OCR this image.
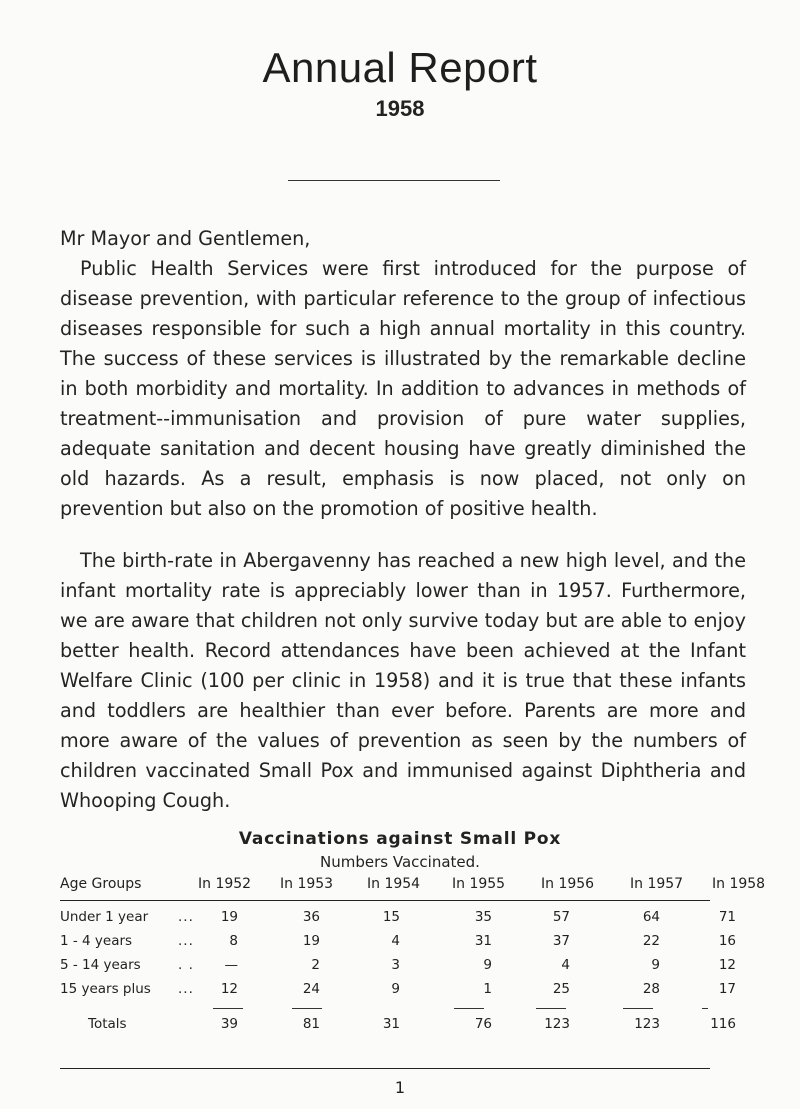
Annual Report
1958

Mr Mayor and Gentlemen,

Public Health Services were first introduced for the purpose of disease prevention, with particular reference to the group of infectious diseases responsible for such a high annual mortality in this country. The success of these services is illustrated by the remarkable decline in both morbidity and mortality. In addition to advances in methods of treatment--immunisation and provision of pure water supplies, adequate sanitation and decent housing have greatly diminished the old hazards. As a result, emphasis is now placed, not only on prevention but also on the promotion of positive health.

The birth-rate in Abergavenny has reached a new high level, and the infant mortality rate is appreciably lower than in 1957. Furthermore, we are aware that children not only survive today but are able to enjoy better health. Record attendances have been achieved at the Infant Welfare Clinic (100 per clinic in 1958) and it is true that these infants and toddlers are healthier than ever before. Parents are more and more aware of the values of prevention as seen by the numbers of children vaccinated Small Pox and immunised against Diphtheria and Whooping Cough.

Vaccinations against Small Pox
Numbers Vaccinated.
Age Groups	In 1952 In 1953 In 1954 In 1955	In 1956	In 1957 In 1958
Under 1 year ...	19	36	15	35	57	64	71
1 - 4 years	...	8	19	4	31	37	22	16
5 - 14 years	. .	—	2	3	9	4	9	12
15 years plus ...	12	24	9	1	25	28	17
Totals	39	81	31	76	123	123	116
1
